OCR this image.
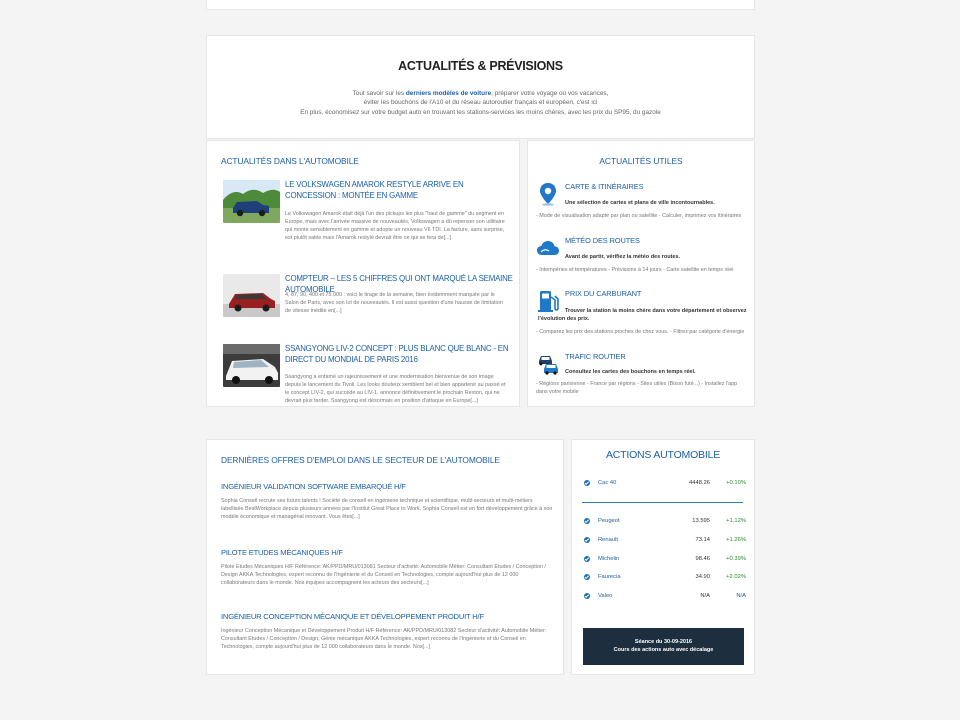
ACTUALITÉS & PRÉVISIONS
Tout savoir sur les derniers modèles de voiture, préparer votre voyage ou vos vacances,
éviter les bouchons de l'A10 et du réseau autoroutier français et européen, c'est ici
En plus, économisez sur votre budget auto en trouvant les stations-services les moins chères, avec les prix du SP95, du gazole
ACTUALITÉS DANS L'AUTOMOBILE
LE VOLKSWAGEN AMAROK RESTYLE ARRIVE EN CONCESSION : MONTÉE EN GAMME
Le Volkswagen Amarok était déjà l'un des pickups les plus "haut de gamme" du segment en Europe, mais avec l'arrivée massive de nouveautés, Volkswagen a dû repenser son utilitaire qui monte sensiblement en gamme et adopte un nouveau V6 TDI. La facture, sans surprise, est plutôt salée mais l'Amarok restylé devrait être ce qui se fera de[...]
COMPTEUR – LES 5 CHIFFRES QUI ONT MARQUÉ LA SEMAINE AUTOMOBILE
4, 87, 90, 400 et 75 000 : voici le tirage de la semaine, bien évidemment marquée par le Salon de Paris, avec son lot de nouveautés. Il est aussi question d'une hausse de limitation de vitesse inédite en[...]
SSANGYONG LIV-2 CONCEPT : PLUS BLANC QUE BLANC - EN DIRECT DU MONDIAL DE PARIS 2016
Ssangyong a entamé un rajeunissement et une modernisation bienvenue de son image depuis le lancement du Tivoli. Les looks douteux semblent bel et bien appartenir au passé et le concept LIV-2, qui succède au LIV-1, annonce définitivement le prochain Rexton, qui ne devrait plus tarder. Ssangyong est désormais en position d'attaque en Europe[...]
ACTUALITÉS UTILES
CARTE & ITINÉRAIRES
Une sélection de cartes et plans de ville incontournables.
- Mode de visualisation adapté par plan ou satellite - Calculer, imprimez vos itinéraires
MÉTÉO DES ROUTES
Avant de partir, vérifiez la météo des routes.
- Intempéries et températures - Prévisions à 14 jours - Carte satellite en temps réel
PRIX DU CARBURANT
Trouver la station la moins chère dans votre département et observez l'évolution des prix.
- Comparez les prix des stations proches de chez vous. - Filtrez par catégorie d'énergie
TRAFIC ROUTIER
Consultez les cartes des bouchons en temps réel.
- Régions parisienne - France par régions - Sites utiles (Bison futé...) - Installez l'app dans votre mobile
DERNIÈRES OFFRES D'EMPLOI DANS LE SECTEUR DE L'AUTOMOBILE
INGÉNIEUR VALIDATION SOFTWARE EMBARQUÉ H/F
Sophia Conseil recrute ses futurs talents ! Société de conseil en ingénierie technique et scientifique, multi-secteurs et multi-métiers labellisée BestWorkplace depuis plusieurs années par l'Institut Great Place to Work, Sophia Conseil est en fort développement grâce à son modèle économique et managérial innovant. Vous êtes[...]
PILOTE ETUDES MÉCANIQUES H/F
Pilote Etudes Mécaniques H/F Référence: AK/PPD/MRU/013081 Secteur d'activité: Automobile Métier: Consultant Etudes / Conception / Design AKKA Technologies, expert reconnu de l'Ingénierie et du Conseil en Technologies, compte aujourd'hui plus de 12 000 collaborateurs dans le monde. Nos équipes accompagnent les acteurs des secteurs[...]
INGÉNIEUR CONCEPTION MÉCANIQUE ET DÉVELOPPEMENT PRODUIT H/F
Ingénieur Conception Mécanique et Développement Produit H/F Référence: AK/PPD/MRU/013082 Secteur d'activité: Automobile Métier: Consultant Etudes / Conception / Design, Génie mécanique AKKA Technologies, expert reconnu de l'Ingénierie et du Conseil en Technologies, compte aujourd'hui plus de 12 000 collaborateurs dans le monde. Nos[...]
ACTIONS AUTOMOBILE
Cac 40	4448.26	+0.10%
Peugeot	13.595	+1.12%
Renault	73.14	+1.26%
Michelin	98.46	+0.39%
Faurecia	34.90	+2.02%
Valeo	N/A	N/A
Séance du 30-09-2016
Cours des actions auto avec décalage
